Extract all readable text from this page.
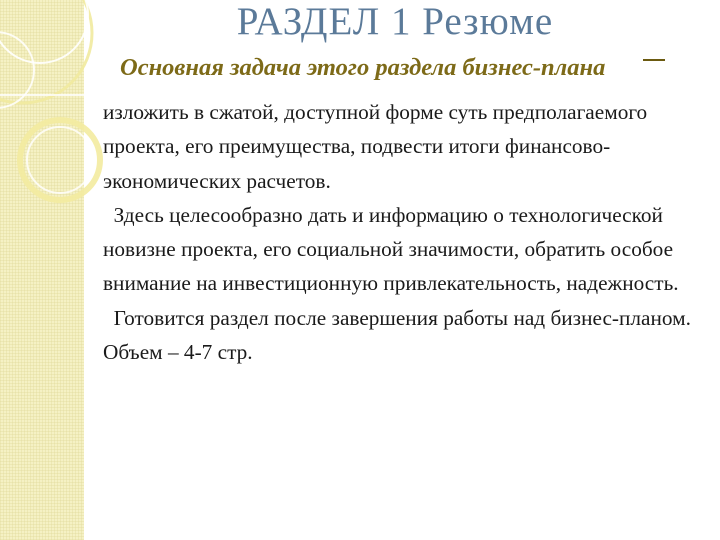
РАЗДЕЛ 1 Резюме
Основная задача этого раздела бизнес-плана

изложить в сжатой, доступной форме суть предполагаемого проекта, его преимущества, подвести итоги финансово-экономических расчетов.

Здесь целесообразно дать и информацию о технологической новизне проекта, его социальной значимости, обратить особое внимание на инвестиционную привлекательность, надежность.

Готовится раздел после завершения работы над бизнес-планом.

Объем – 4-7 стр.
